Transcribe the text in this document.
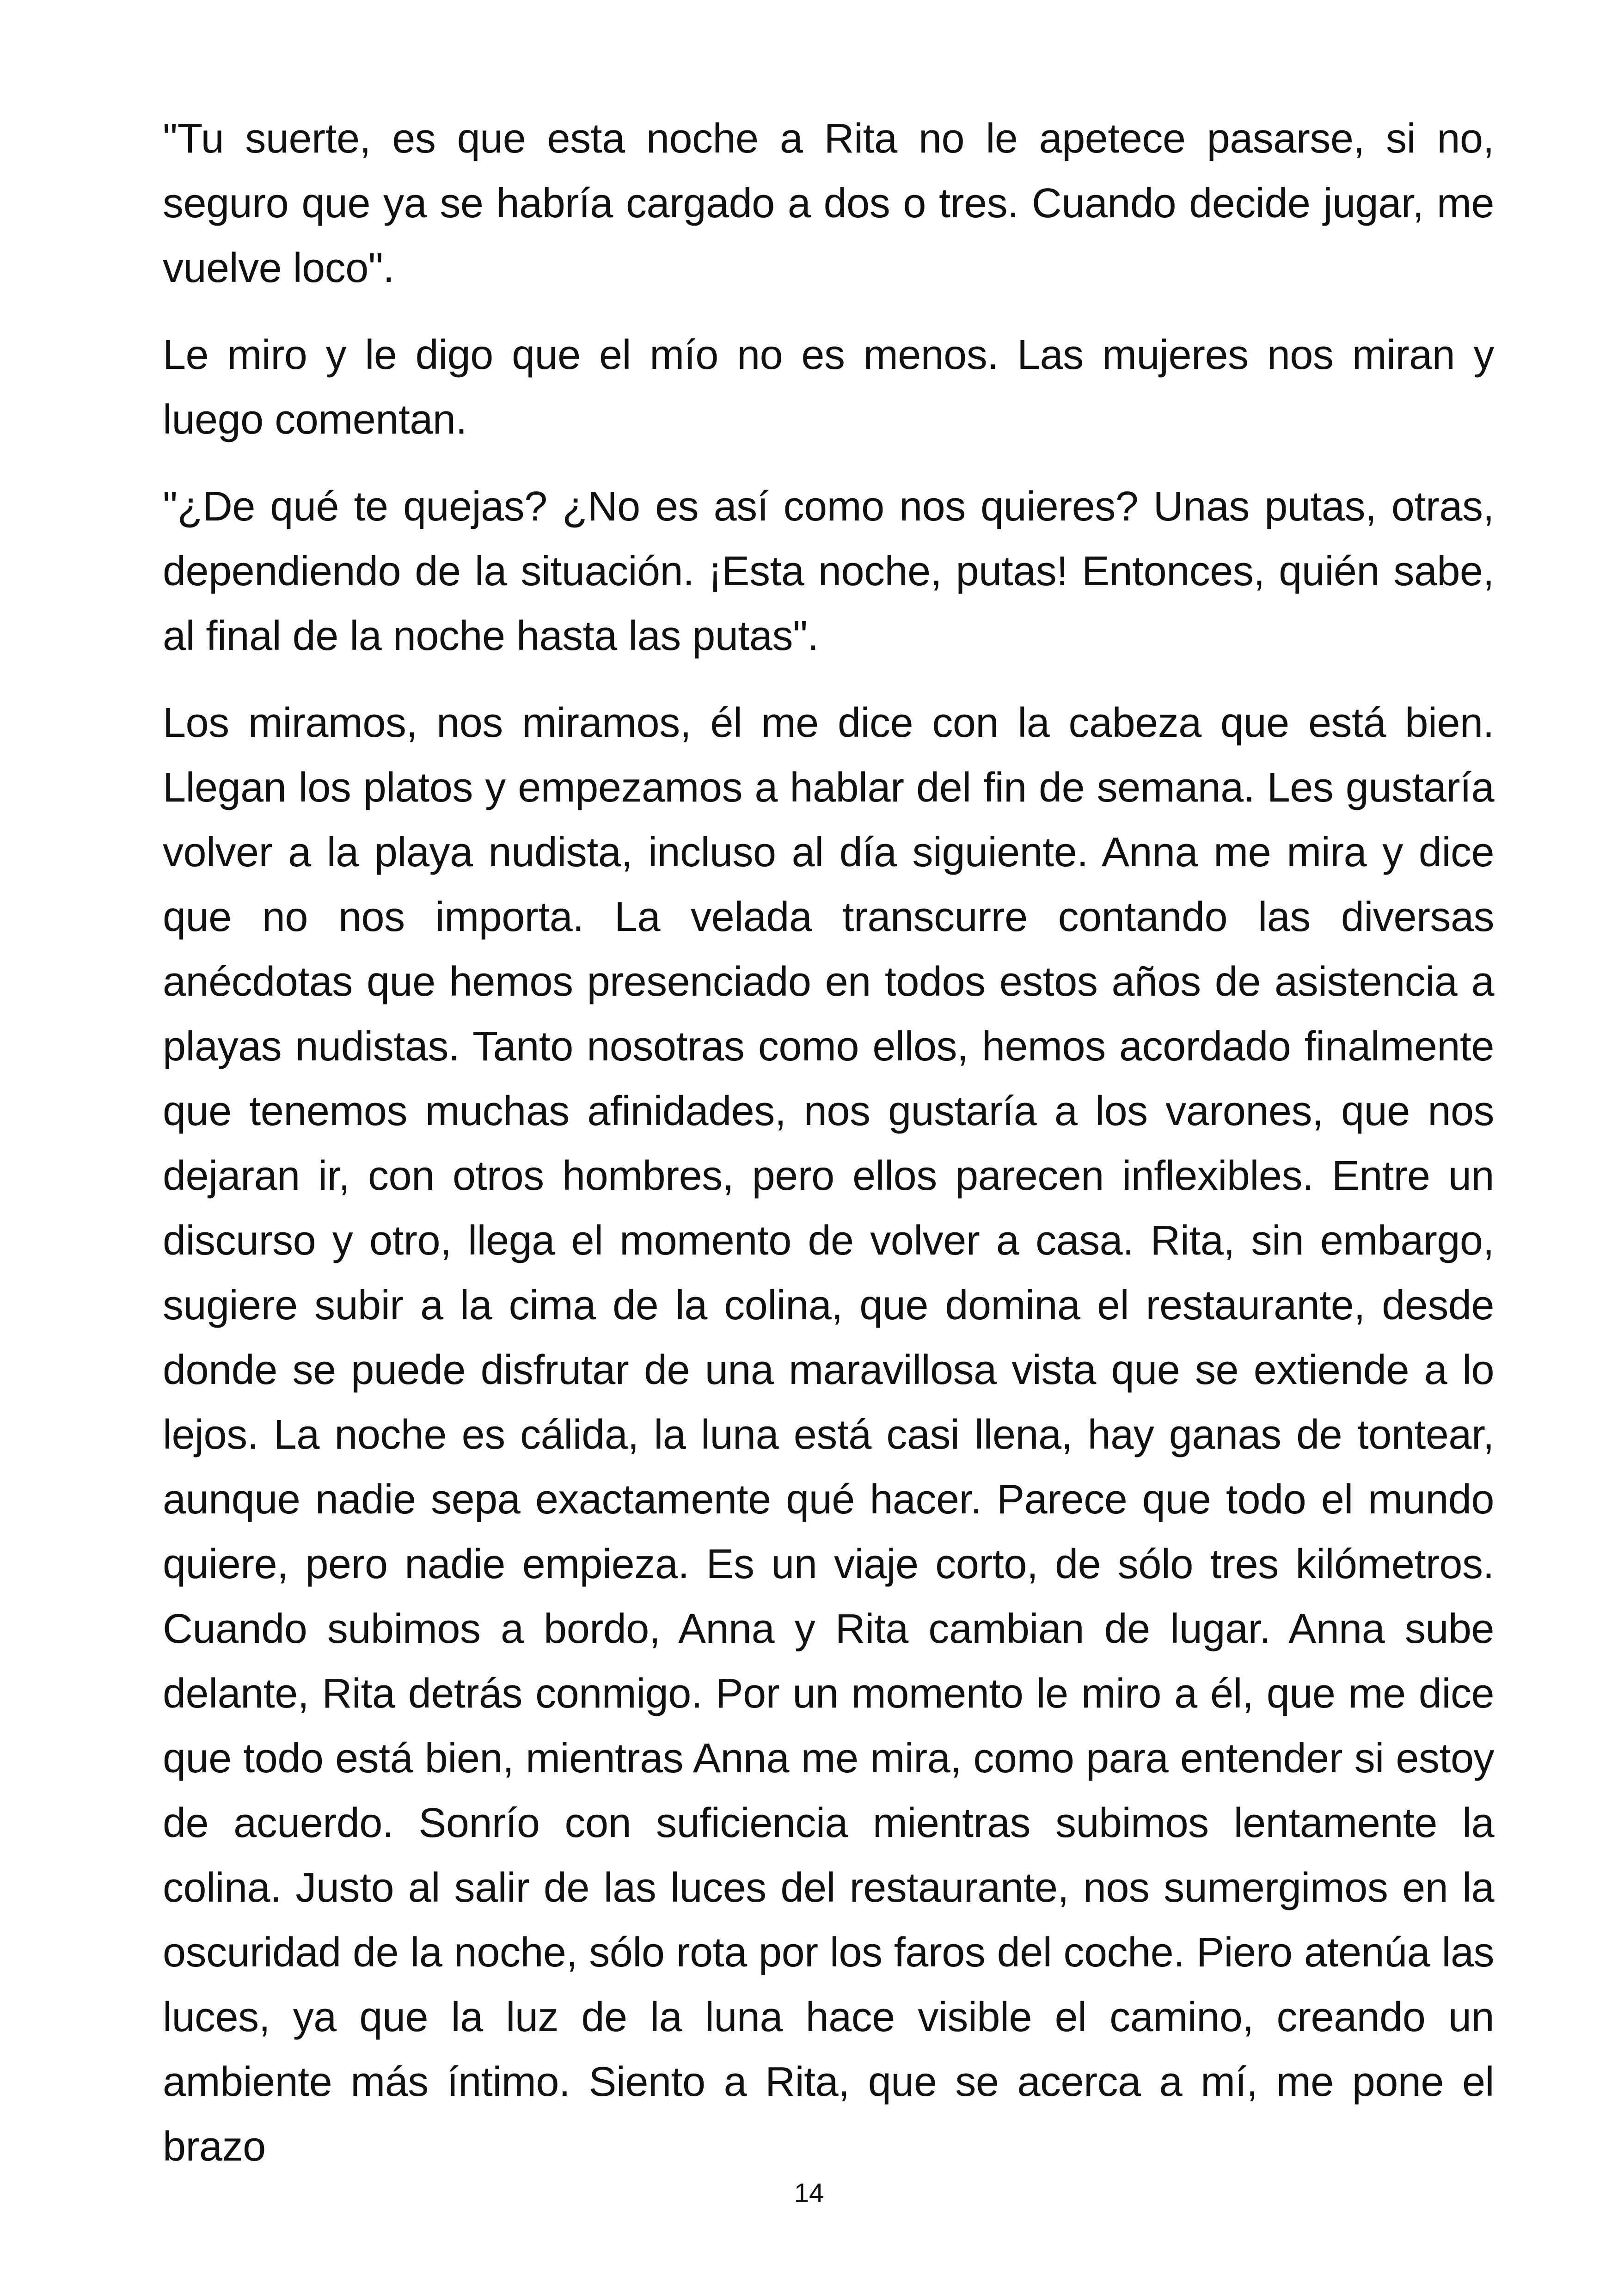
"Tu suerte, es que esta noche a Rita no le apetece pasarse, si no, seguro que ya se habría cargado a dos o tres. Cuando decide jugar, me vuelve loco".

Le miro y le digo que el mío no es menos. Las mujeres nos miran y luego comentan.

"¿De qué te quejas? ¿No es así como nos quieres? Unas putas, otras, dependiendo de la situación. ¡Esta noche, putas! Entonces, quién sabe, al final de la noche hasta las putas".

Los miramos, nos miramos, él me dice con la cabeza que está bien. Llegan los platos y empezamos a hablar del fin de semana. Les gustaría volver a la playa nudista, incluso al día siguiente. Anna me mira y dice que no nos importa. La velada transcurre contando las diversas anécdotas que hemos presenciado en todos estos años de asistencia a playas nudistas. Tanto nosotras como ellos, hemos acordado finalmente que tenemos muchas afinidades, nos gustaría a los varones, que nos dejaran ir, con otros hombres, pero ellos parecen inflexibles. Entre un discurso y otro, llega el momento de volver a casa. Rita, sin embargo, sugiere subir a la cima de la colina, que domina el restaurante, desde donde se puede disfrutar de una maravillosa vista que se extiende a lo lejos. La noche es cálida, la luna está casi llena, hay ganas de tontear, aunque nadie sepa exactamente qué hacer. Parece que todo el mundo quiere, pero nadie empieza. Es un viaje corto, de sólo tres kilómetros. Cuando subimos a bordo, Anna y Rita cambian de lugar. Anna sube delante, Rita detrás conmigo. Por un momento le miro a él, que me dice que todo está bien, mientras Anna me mira, como para entender si estoy de acuerdo. Sonrío con suficiencia mientras subimos lentamente la colina. Justo al salir de las luces del restaurante, nos sumergimos en la oscuridad de la noche, sólo rota por los faros del coche. Piero atenúa las luces, ya que la luz de la luna hace visible el camino, creando un ambiente más íntimo. Siento a Rita, que se acerca a mí, me pone el brazo

14
